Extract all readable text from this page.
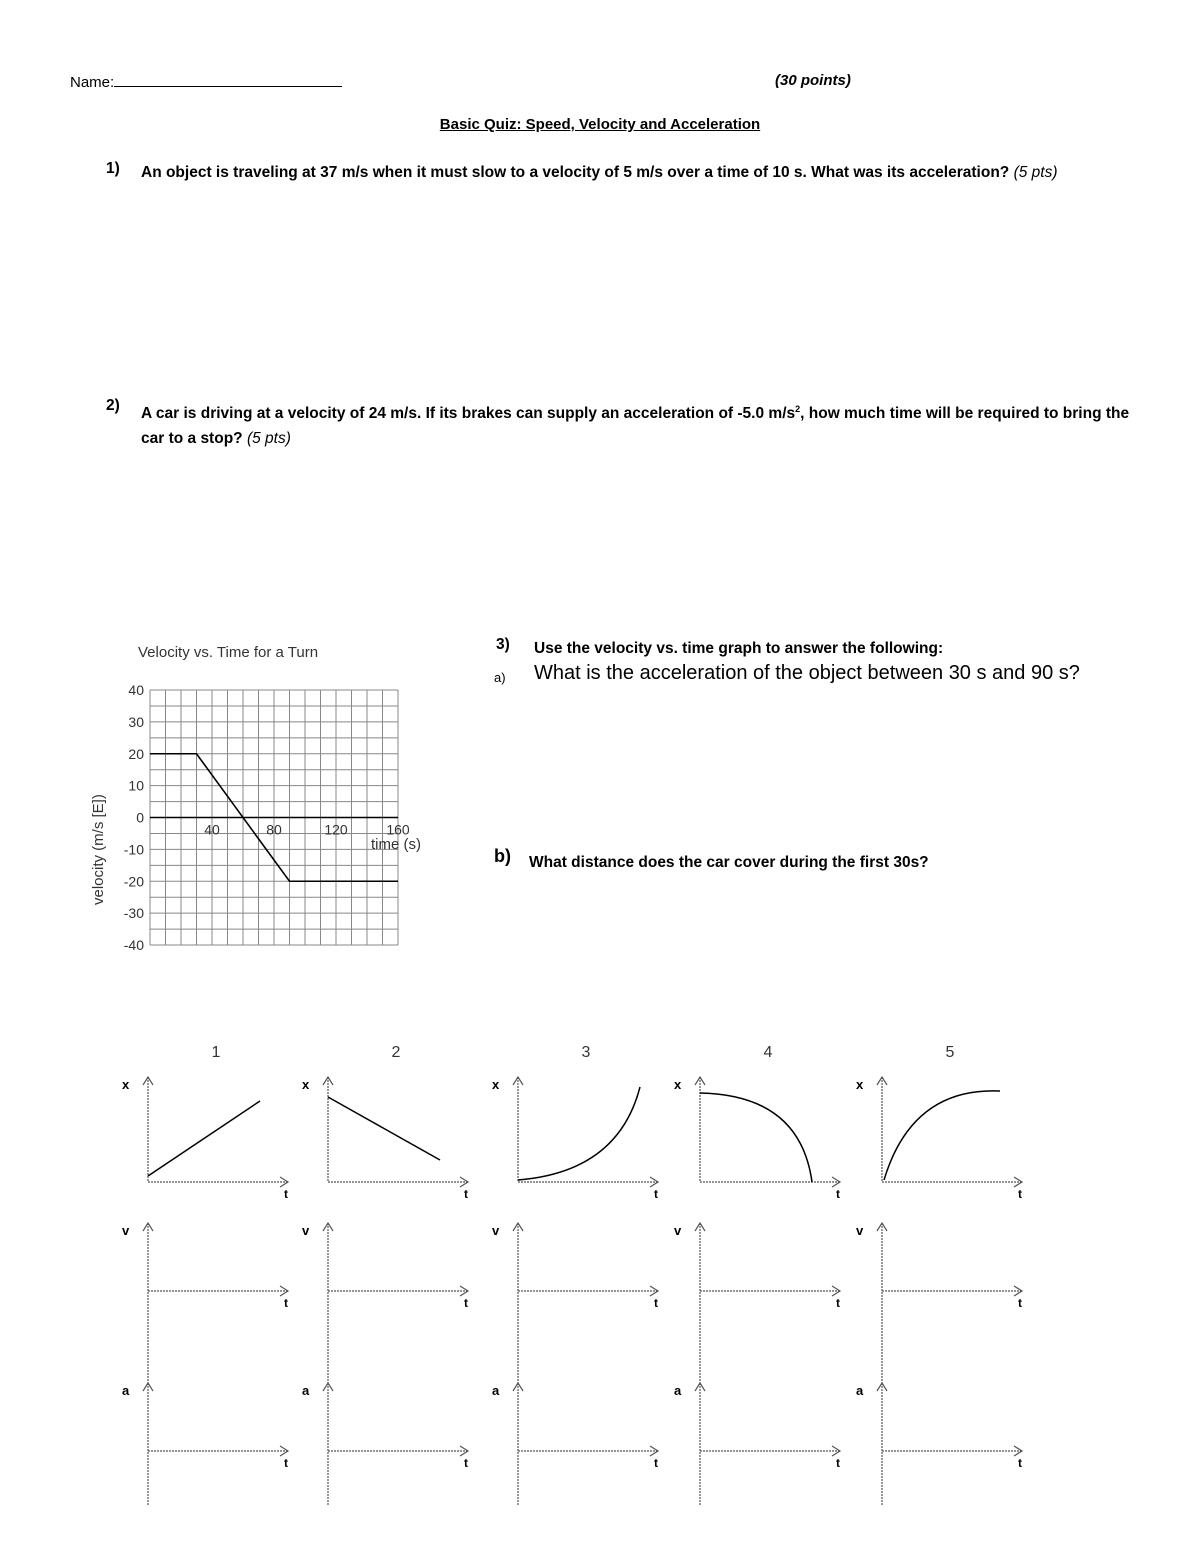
Name:	(30 points)
Basic Quiz: Speed, Velocity and Acceleration
1) An object is traveling at 37 m/s when it must slow to a velocity of 5 m/s over a time of 10 s. What was its acceleration? (5 pts)
2) A car is driving at a velocity of 24 m/s. If its brakes can supply an acceleration of -5.0 $m/s^2$, how much time will be required to bring the car to a stop? (5 pts)
3) Use the velocity vs. time graph to answer the following:
a) What is the acceleration of the object between 30 s and 90 s?
b) What distance does the car cover during the first 30s?
Velocity vs. Time for a Turn
40
30
20
10
0
-10
-20
-30
-40
40	80	120	160
time (s)
velocity (m/s [E])
1
x
t
v
t
a
t
2
x
t
v
t
a
t
3
x
t
v
t
a
t
4
x
t
v
t
a
t
5
x
t
v
t
a
t
